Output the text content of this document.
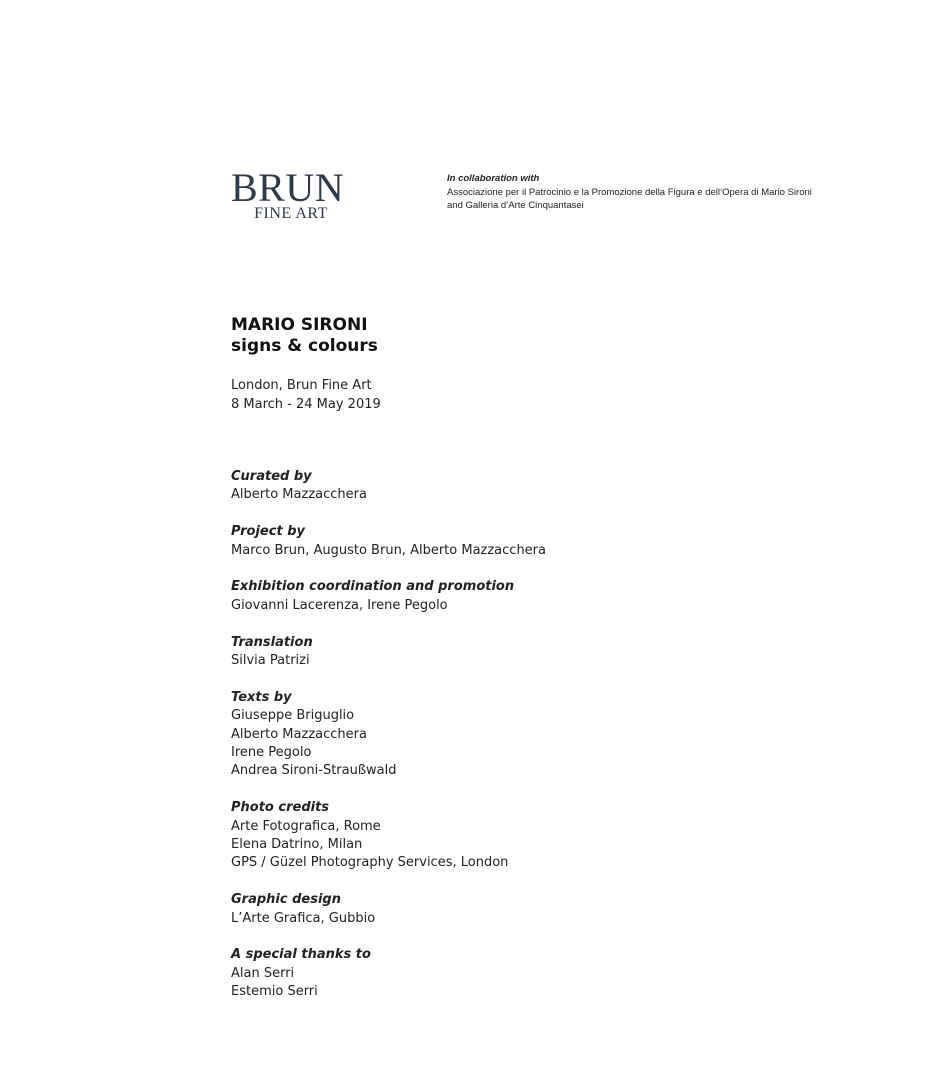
BRUN
FINE ART
In collaboration with
Associazione per il Patrocinio e la Promozione della Figura e dell’Opera di Mario Sironi
and Galleria d’Arte Cinquantasei
MARIO SIRONI
signs & colours
London, Brun Fine Art
8 March - 24 May 2019
Curated by
Alberto Mazzacchera
Project by
Marco Brun, Augusto Brun, Alberto Mazzacchera
Exhibition coordination and promotion
Giovanni Lacerenza, Irene Pegolo
Translation
Silvia Patrizi
Texts by
Giuseppe Briguglio
Alberto Mazzacchera
Irene Pegolo
Andrea Sironi-Straußwald
Photo credits
Arte Fotografica, Rome
Elena Datrino, Milan
GPS / Güzel Photography Services, London
Graphic design
L’Arte Grafica, Gubbio
A special thanks to
Alan Serri
Estemio Serri
